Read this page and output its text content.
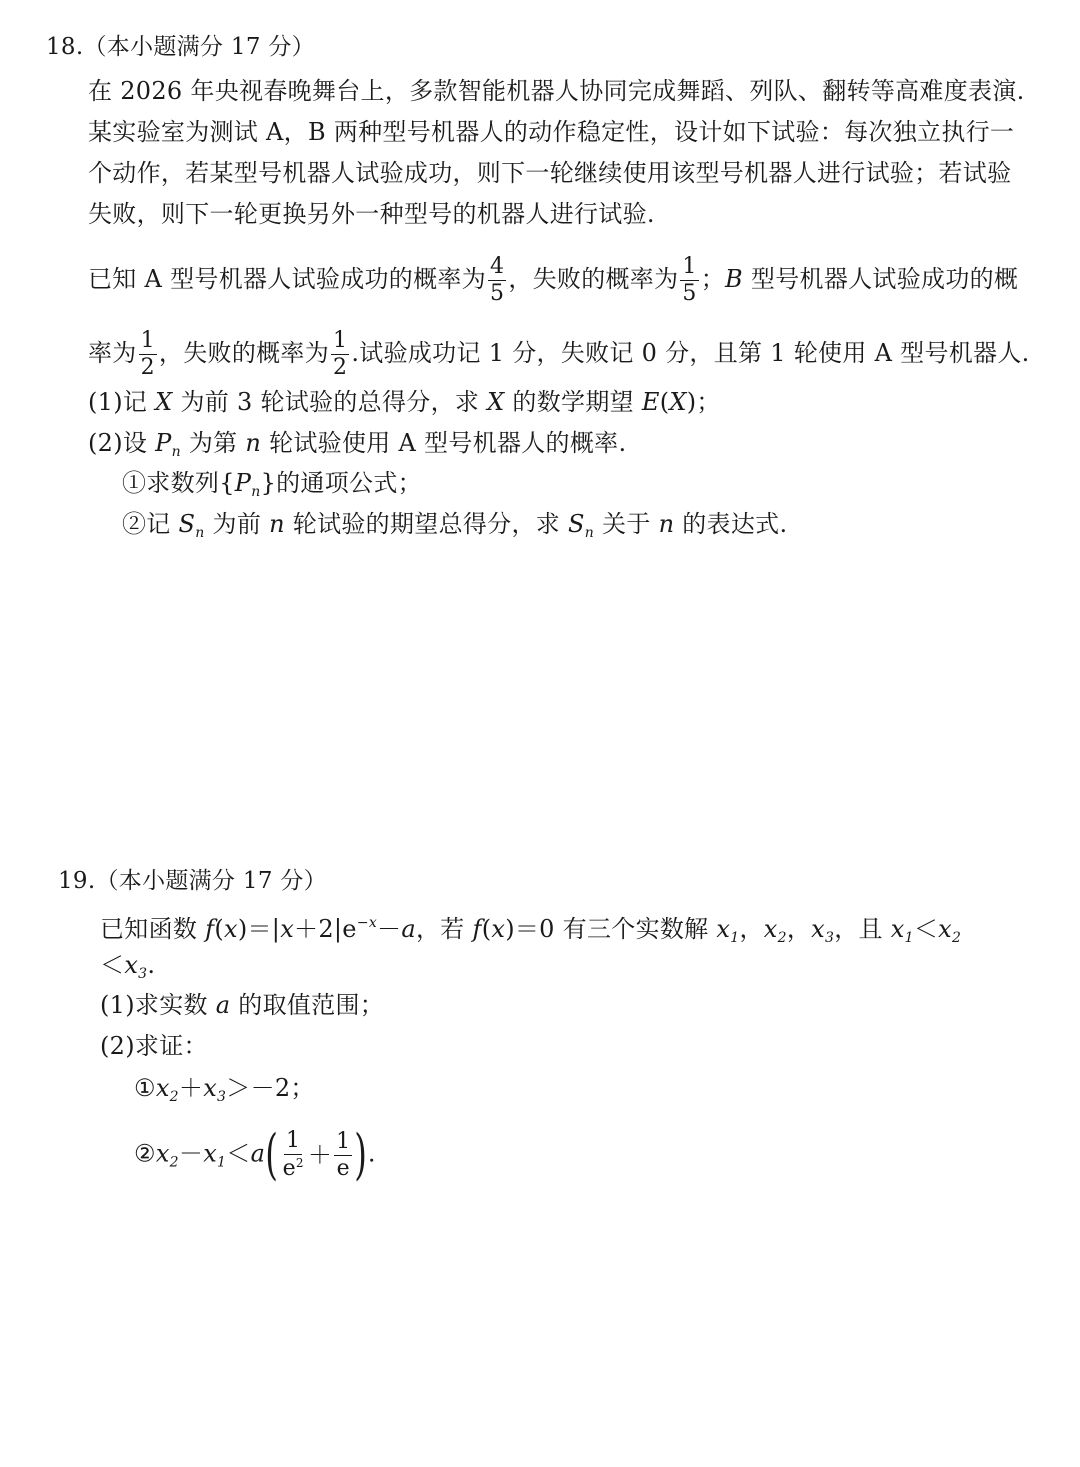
18.（本小题满分 17 分）
在 2026 年央视春晚舞台上，多款智能机器人协同完成舞蹈、列队、翻转等高难度表演.
某实验室为测试 A，B 两种型号机器人的动作稳定性，设计如下试验：每次独立执行一
个动作，若某型号机器人试验成功，则下一轮继续使用该型号机器人进行试验；若试验
失败，则下一轮更换另外一种型号的机器人进行试验.
已知 A 型号机器人试验成功的概率为 $\frac{4}{5}$ ，失败的概率为 $\frac{1}{5}$ ；B 型号机器人试验成功的概
率为 $\frac{1}{2}$ ，失败的概率为 $\frac{1}{2}$ .试验成功记 1 分，失败记 0 分，且第 1 轮使用 A 型号机器人.
(1)记 X 为前 3 轮试验的总得分，求 X 的数学期望 E(X)；
(2)设 $P_n$ 为第 n 轮试验使用 A 型号机器人的概率.
①求数列$\{P_n\}$的通项公式；
②记 $S_n$ 为前 n 轮试验的期望总得分，求 $S_n$ 关于 n 的表达式.
19.（本小题满分 17 分）
已知函数 $f(x)=|x+2|e^{-x}-a$，若 f(x)＝0 有三个实数解 $x_1$，$x_2$，$x_3$，且 $x_1<x_2$
$<x_3$.
(1)求实数 a 的取值范围；
(2)求证：
$①x_2+x_3>-2$；
$②x_2-x_1<a$ ( $\frac{1}{e^2} + \frac{1}{e}$ ) .
